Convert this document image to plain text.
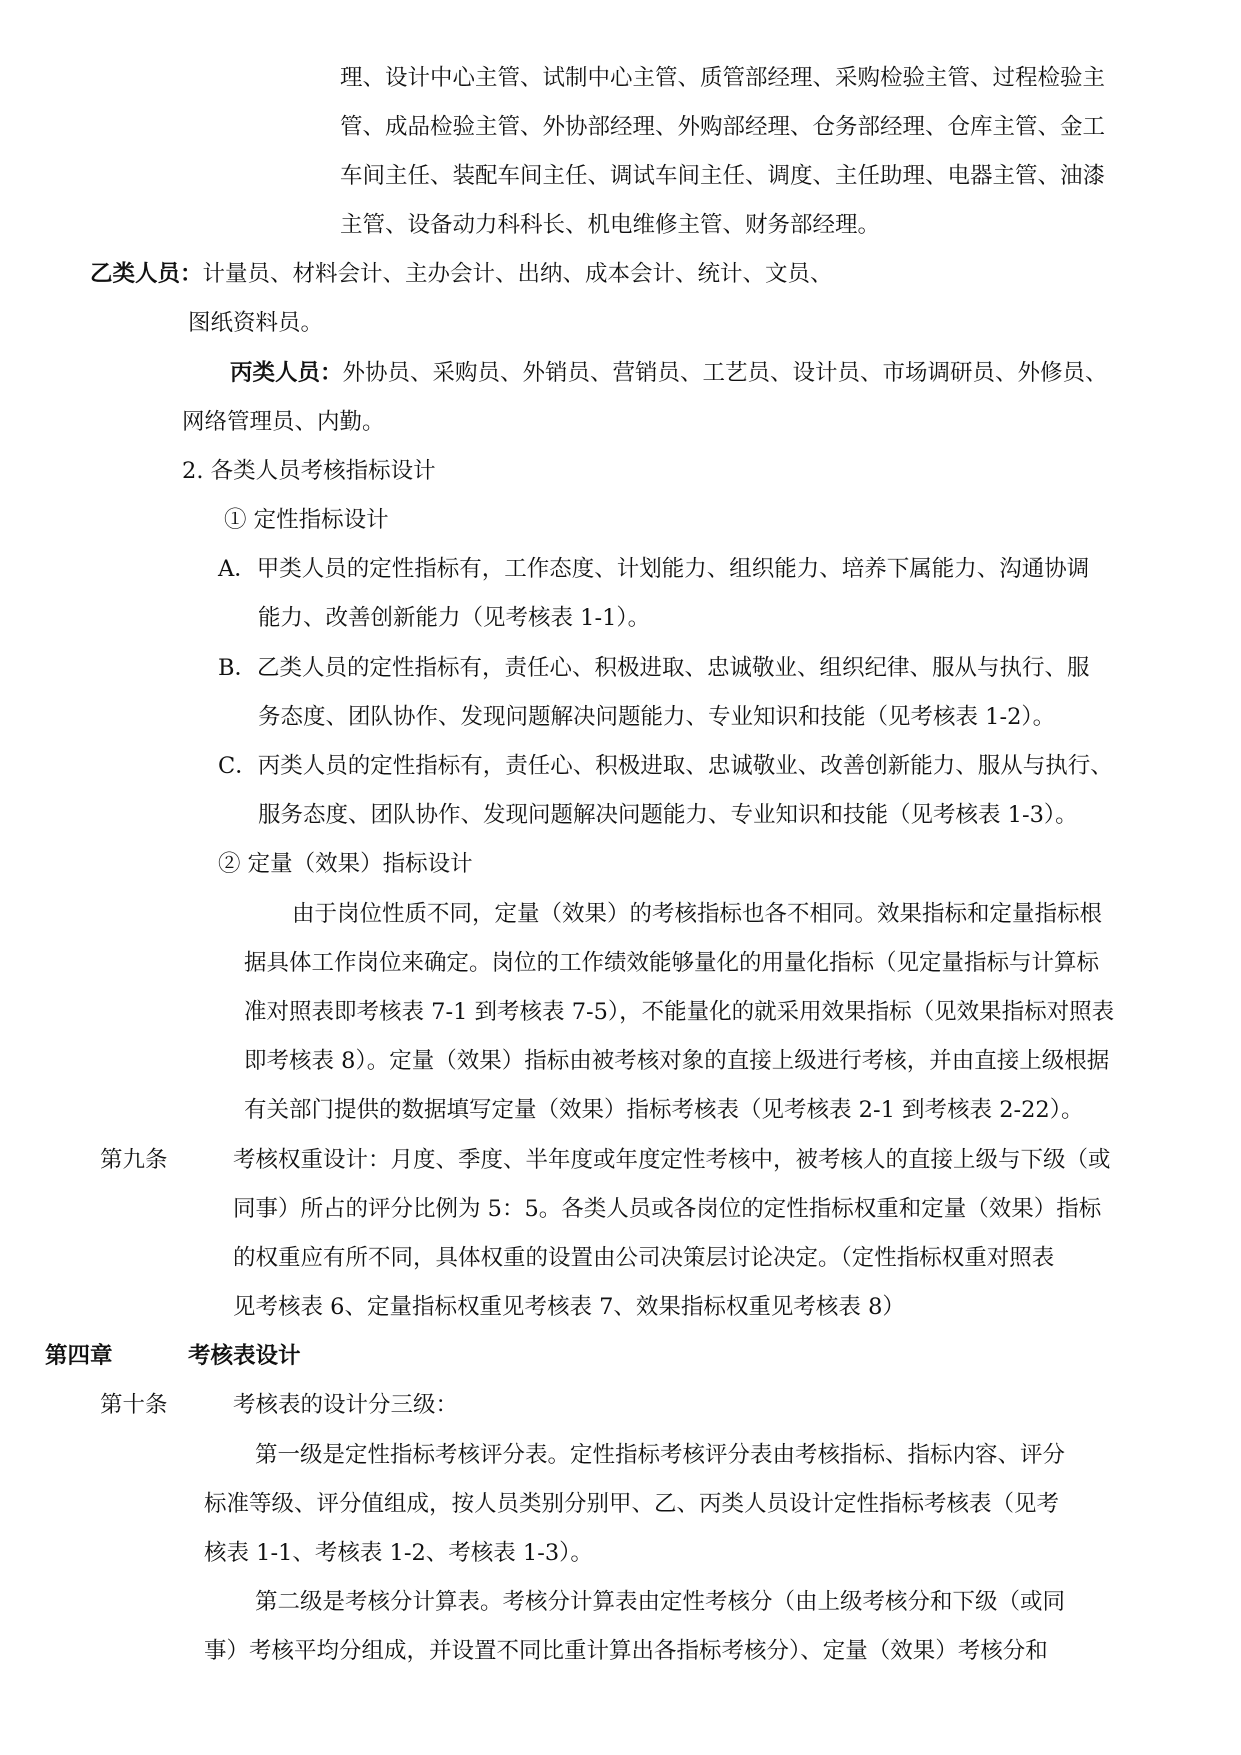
理、设计中心主管、试制中心主管、质管部经理、采购检验主管、过程检验主
管、成品检验主管、外协部经理、外购部经理、仓务部经理、仓库主管、金工
车间主任、装配车间主任、调试车间主任、调度、主任助理、电器主管、油漆
主管、设备动力科科长、机电维修主管、财务部经理。
乙类人员：计量员、材料会计、主办会计、出纳、成本会计、统计、文员、
图纸资料员。
丙类人员：外协员、采购员、外销员、营销员、工艺员、设计员、市场调研员、外修员、
网络管理员、内勤。
2. 各类人员考核指标设计
① 定性指标设计
A．甲类人员的定性指标有，工作态度、计划能力、组织能力、培养下属能力、沟通协调
能力、改善创新能力（见考核表 1-1）。
B．乙类人员的定性指标有，责任心、积极进取、忠诚敬业、组织纪律、服从与执行、服
务态度、团队协作、发现问题解决问题能力、专业知识和技能（见考核表 1-2）。
C．丙类人员的定性指标有，责任心、积极进取、忠诚敬业、改善创新能力、服从与执行、
服务态度、团队协作、发现问题解决问题能力、专业知识和技能（见考核表 1-3）。
② 定量（效果）指标设计
由于岗位性质不同，定量（效果）的考核指标也各不相同。效果指标和定量指标根
据具体工作岗位来确定。岗位的工作绩效能够量化的用量化指标（见定量指标与计算标
准对照表即考核表 7-1 到考核表 7-5），不能量化的就采用效果指标（见效果指标对照表
即考核表 8）。定量（效果）指标由被考核对象的直接上级进行考核，并由直接上级根据
有关部门提供的数据填写定量（效果）指标考核表（见考核表 2-1 到考核表 2-22）。
第九条	考核权重设计：月度、季度、半年度或年度定性考核中，被考核人的直接上级与下级（或
同事）所占的评分比例为 5：5。各类人员或各岗位的定性指标权重和定量（效果）指标
的权重应有所不同，具体权重的设置由公司决策层讨论决定。（定性指标权重对照表
见考核表 6、定量指标权重见考核表 7、效果指标权重见考核表 8）
第四章	考核表设计
第十条	考核表的设计分三级：
第一级是定性指标考核评分表。定性指标考核评分表由考核指标、指标内容、评分
标准等级、评分值组成，按人员类别分别甲、乙、丙类人员设计定性指标考核表（见考
核表 1-1、考核表 1-2、考核表 1-3）。
第二级是考核分计算表。考核分计算表由定性考核分（由上级考核分和下级（或同
事）考核平均分组成，并设置不同比重计算出各指标考核分）、定量（效果）考核分和
